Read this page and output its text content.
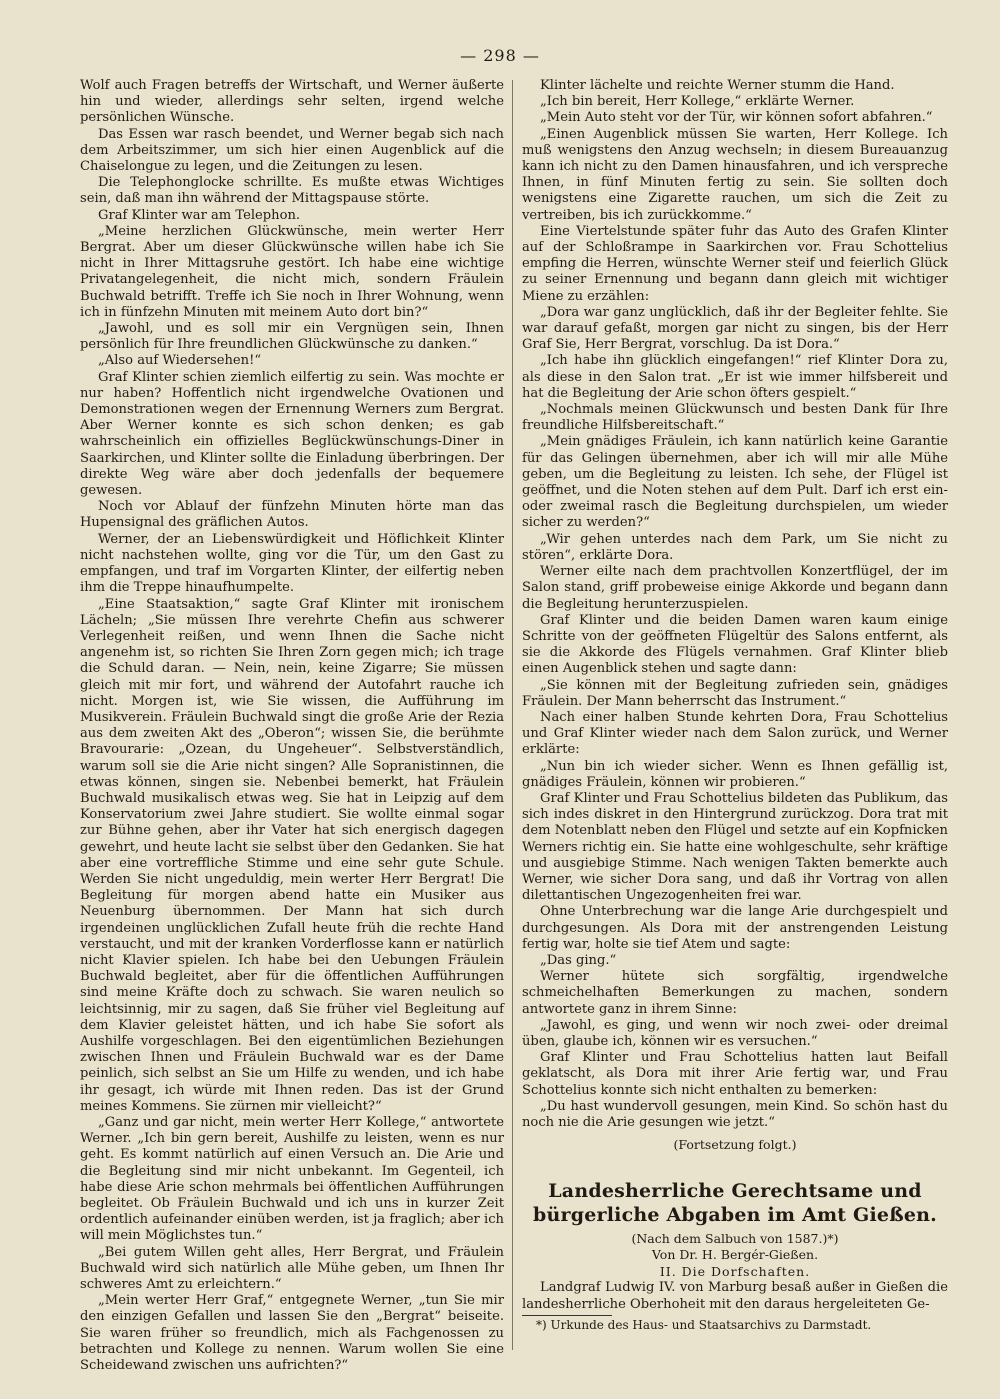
— 298 —

Wolf auch Fragen betreffs der Wirtschaft, und Werner äußerte hin und wieder, allerdings sehr selten, irgend welche persönlichen Wünsche.

Das Essen war rasch beendet, und Werner begab sich nach dem Arbeitszimmer, um sich hier einen Augenblick auf die Chaiselongue zu legen, und die Zeitungen zu lesen.

Die Telephonglocke schrillte. Es mußte etwas Wichtiges sein, daß man ihn während der Mittagspause störte.

Graf Klinter war am Telephon.

„Meine herzlichen Glückwünsche, mein werter Herr Bergrat. Aber um dieser Glückwünsche willen habe ich Sie nicht in Ihrer Mittagsruhe gestört. Ich habe eine wichtige Privatangelegenheit, die nicht mich, sondern Fräulein Buchwald betrifft. Treffe ich Sie noch in Ihrer Wohnung, wenn ich in fünfzehn Minuten mit meinem Auto dort bin?“

„Jawohl, und es soll mir ein Vergnügen sein, Ihnen persönlich für Ihre freundlichen Glückwünsche zu danken.“

„Also auf Wiedersehen!“

Graf Klinter schien ziemlich eilfertig zu sein. Was mochte er nur haben? Hoffentlich nicht irgendwelche Ovationen und Demonstrationen wegen der Ernennung Werners zum Bergrat. Aber Werner konnte es sich schon denken; es gab wahrscheinlich ein offizielles Beglückwünschungs-Diner in Saarkirchen, und Klinter sollte die Einladung überbringen. Der direkte Weg wäre aber doch jedenfalls der bequemere gewesen.

Noch vor Ablauf der fünfzehn Minuten hörte man das Hupensignal des gräflichen Autos.

Werner, der an Liebenswürdigkeit und Höflichkeit Klinter nicht nachstehen wollte, ging vor die Tür, um den Gast zu empfangen, und traf im Vorgarten Klinter, der eilfertig neben ihm die Treppe hinaufhumpelte.

„Eine Staatsaktion,“ sagte Graf Klinter mit ironischem Lächeln; „Sie müssen Ihre verehrte Chefin aus schwerer Verlegenheit reißen, und wenn Ihnen die Sache nicht angenehm ist, so richten Sie Ihren Zorn gegen mich; ich trage die Schuld daran. — Nein, nein, keine Zigarre; Sie müssen gleich mit mir fort, und während der Autofahrt rauche ich nicht. Morgen ist, wie Sie wissen, die Aufführung im Musikverein. Fräulein Buchwald singt die große Arie der Rezia aus dem zweiten Akt des „Oberon“; wissen Sie, die berühmte Bravourarie: „Ozean, du Ungeheuer“. Selbstverständlich, warum soll sie die Arie nicht singen? Alle Sopranistinnen, die etwas können, singen sie. Nebenbei bemerkt, hat Fräulein Buchwald musikalisch etwas weg. Sie hat in Leipzig auf dem Konservatorium zwei Jahre studiert. Sie wollte einmal sogar zur Bühne gehen, aber ihr Vater hat sich energisch dagegen gewehrt, und heute lacht sie selbst über den Gedanken. Sie hat aber eine vortreffliche Stimme und eine sehr gute Schule. Werden Sie nicht ungeduldig, mein werter Herr Bergrat! Die Begleitung für morgen abend hatte ein Musiker aus Neuenburg übernommen. Der Mann hat sich durch irgendeinen unglücklichen Zufall heute früh die rechte Hand verstaucht, und mit der kranken Vorderflosse kann er natürlich nicht Klavier spielen. Ich habe bei den Uebungen Fräulein Buchwald begleitet, aber für die öffentlichen Aufführungen sind meine Kräfte doch zu schwach. Sie waren neulich so leichtsinnig, mir zu sagen, daß Sie früher viel Begleitung auf dem Klavier geleistet hätten, und ich habe Sie sofort als Aushilfe vorgeschlagen. Bei den eigentümlichen Beziehungen zwischen Ihnen und Fräulein Buchwald war es der Dame peinlich, sich selbst an Sie um Hilfe zu wenden, und ich habe ihr gesagt, ich würde mit Ihnen reden. Das ist der Grund meines Kommens. Sie zürnen mir vielleicht?“

„Ganz und gar nicht, mein werter Herr Kollege,“ antwortete Werner. „Ich bin gern bereit, Aushilfe zu leisten, wenn es nur geht. Es kommt natürlich auf einen Versuch an. Die Arie und die Begleitung sind mir nicht unbekannt. Im Gegenteil, ich habe diese Arie schon mehrmals bei öffentlichen Aufführungen begleitet. Ob Fräulein Buchwald und ich uns in kurzer Zeit ordentlich aufeinander einüben werden, ist ja fraglich; aber ich will mein Möglichstes tun.“

„Bei gutem Willen geht alles, Herr Bergrat, und Fräulein Buchwald wird sich natürlich alle Mühe geben, um Ihnen Ihr schweres Amt zu erleichtern.“

„Mein werter Herr Graf,“ entgegnete Werner, „tun Sie mir den einzigen Gefallen und lassen Sie den „Bergrat“ beiseite. Sie waren früher so freundlich, mich als Fachgenossen zu betrachten und Kollege zu nennen. Warum wollen Sie eine Scheidewand zwischen uns aufrichten?“

Klinter lächelte und reichte Werner stumm die Hand.

„Ich bin bereit, Herr Kollege,“ erklärte Werner.

„Mein Auto steht vor der Tür, wir können sofort abfahren.“

„Einen Augenblick müssen Sie warten, Herr Kollege. Ich muß wenigstens den Anzug wechseln; in diesem Bureauanzug kann ich nicht zu den Damen hinausfahren, und ich verspreche Ihnen, in fünf Minuten fertig zu sein. Sie sollten doch wenigstens eine Zigarette rauchen, um sich die Zeit zu vertreiben, bis ich zurückkomme.“

Eine Viertelstunde später fuhr das Auto des Grafen Klinter auf der Schloßrampe in Saarkirchen vor. Frau Schottelius empfing die Herren, wünschte Werner steif und feierlich Glück zu seiner Ernennung und begann dann gleich mit wichtiger Miene zu erzählen:

„Dora war ganz unglücklich, daß ihr der Begleiter fehlte. Sie war darauf gefaßt, morgen gar nicht zu singen, bis der Herr Graf Sie, Herr Bergrat, vorschlug. Da ist Dora.“

„Ich habe ihn glücklich eingefangen!“ rief Klinter Dora zu, als diese in den Salon trat. „Er ist wie immer hilfsbereit und hat die Begleitung der Arie schon öfters gespielt.“

„Nochmals meinen Glückwunsch und besten Dank für Ihre freundliche Hilfsbereitschaft.“

„Mein gnädiges Fräulein, ich kann natürlich keine Garantie für das Gelingen übernehmen, aber ich will mir alle Mühe geben, um die Begleitung zu leisten. Ich sehe, der Flügel ist geöffnet, und die Noten stehen auf dem Pult. Darf ich erst ein- oder zweimal rasch die Begleitung durchspielen, um wieder sicher zu werden?“

„Wir gehen unterdes nach dem Park, um Sie nicht zu stören“, erklärte Dora.

Werner eilte nach dem prachtvollen Konzertflügel, der im Salon stand, griff probeweise einige Akkorde und begann dann die Begleitung herunterzuspielen.

Graf Klinter und die beiden Damen waren kaum einige Schritte von der geöffneten Flügeltür des Salons entfernt, als sie die Akkorde des Flügels vernahmen. Graf Klinter blieb einen Augenblick stehen und sagte dann:

„Sie können mit der Begleitung zufrieden sein, gnädiges Fräulein. Der Mann beherrscht das Instrument.“

Nach einer halben Stunde kehrten Dora, Frau Schottelius und Graf Klinter wieder nach dem Salon zurück, und Werner erklärte:

„Nun bin ich wieder sicher. Wenn es Ihnen gefällig ist, gnädiges Fräulein, können wir probieren.“

Graf Klinter und Frau Schottelius bildeten das Publikum, das sich indes diskret in den Hintergrund zurückzog. Dora trat mit dem Notenblatt neben den Flügel und setzte auf ein Kopfnicken Werners richtig ein. Sie hatte eine wohlgeschulte, sehr kräftige und ausgiebige Stimme. Nach wenigen Takten bemerkte auch Werner, wie sicher Dora sang, und daß ihr Vortrag von allen dilettantischen Ungezogenheiten frei war.

Ohne Unterbrechung war die lange Arie durchgespielt und durchgesungen. Als Dora mit der anstrengenden Leistung fertig war, holte sie tief Atem und sagte:

„Das ging.“

Werner hütete sich sorgfältig, irgendwelche schmeichelhaften Bemerkungen zu machen, sondern antwortete ganz in ihrem Sinne:

„Jawohl, es ging, und wenn wir noch zwei- oder dreimal üben, glaube ich, können wir es versuchen.“

Graf Klinter und Frau Schottelius hatten laut Beifall geklatscht, als Dora mit ihrer Arie fertig war, und Frau Schottelius konnte sich nicht enthalten zu bemerken:

„Du hast wundervoll gesungen, mein Kind. So schön hast du noch nie die Arie gesungen wie jetzt.“

(Fortsetzung folgt.)
Landesherrliche Gerechtsame und bürgerliche Abgaben im Amt Gießen.
(Nach dem Salbuch von 1587.)*)
Von Dr. H. Bergér-Gießen.
II. Die Dorfschaften.

Landgraf Ludwig IV. von Marburg besaß außer in Gießen die landesherrliche Oberhoheit mit den daraus hergeleiteten Ge-

*) Urkunde des Haus- und Staatsarchivs zu Darmstadt.
